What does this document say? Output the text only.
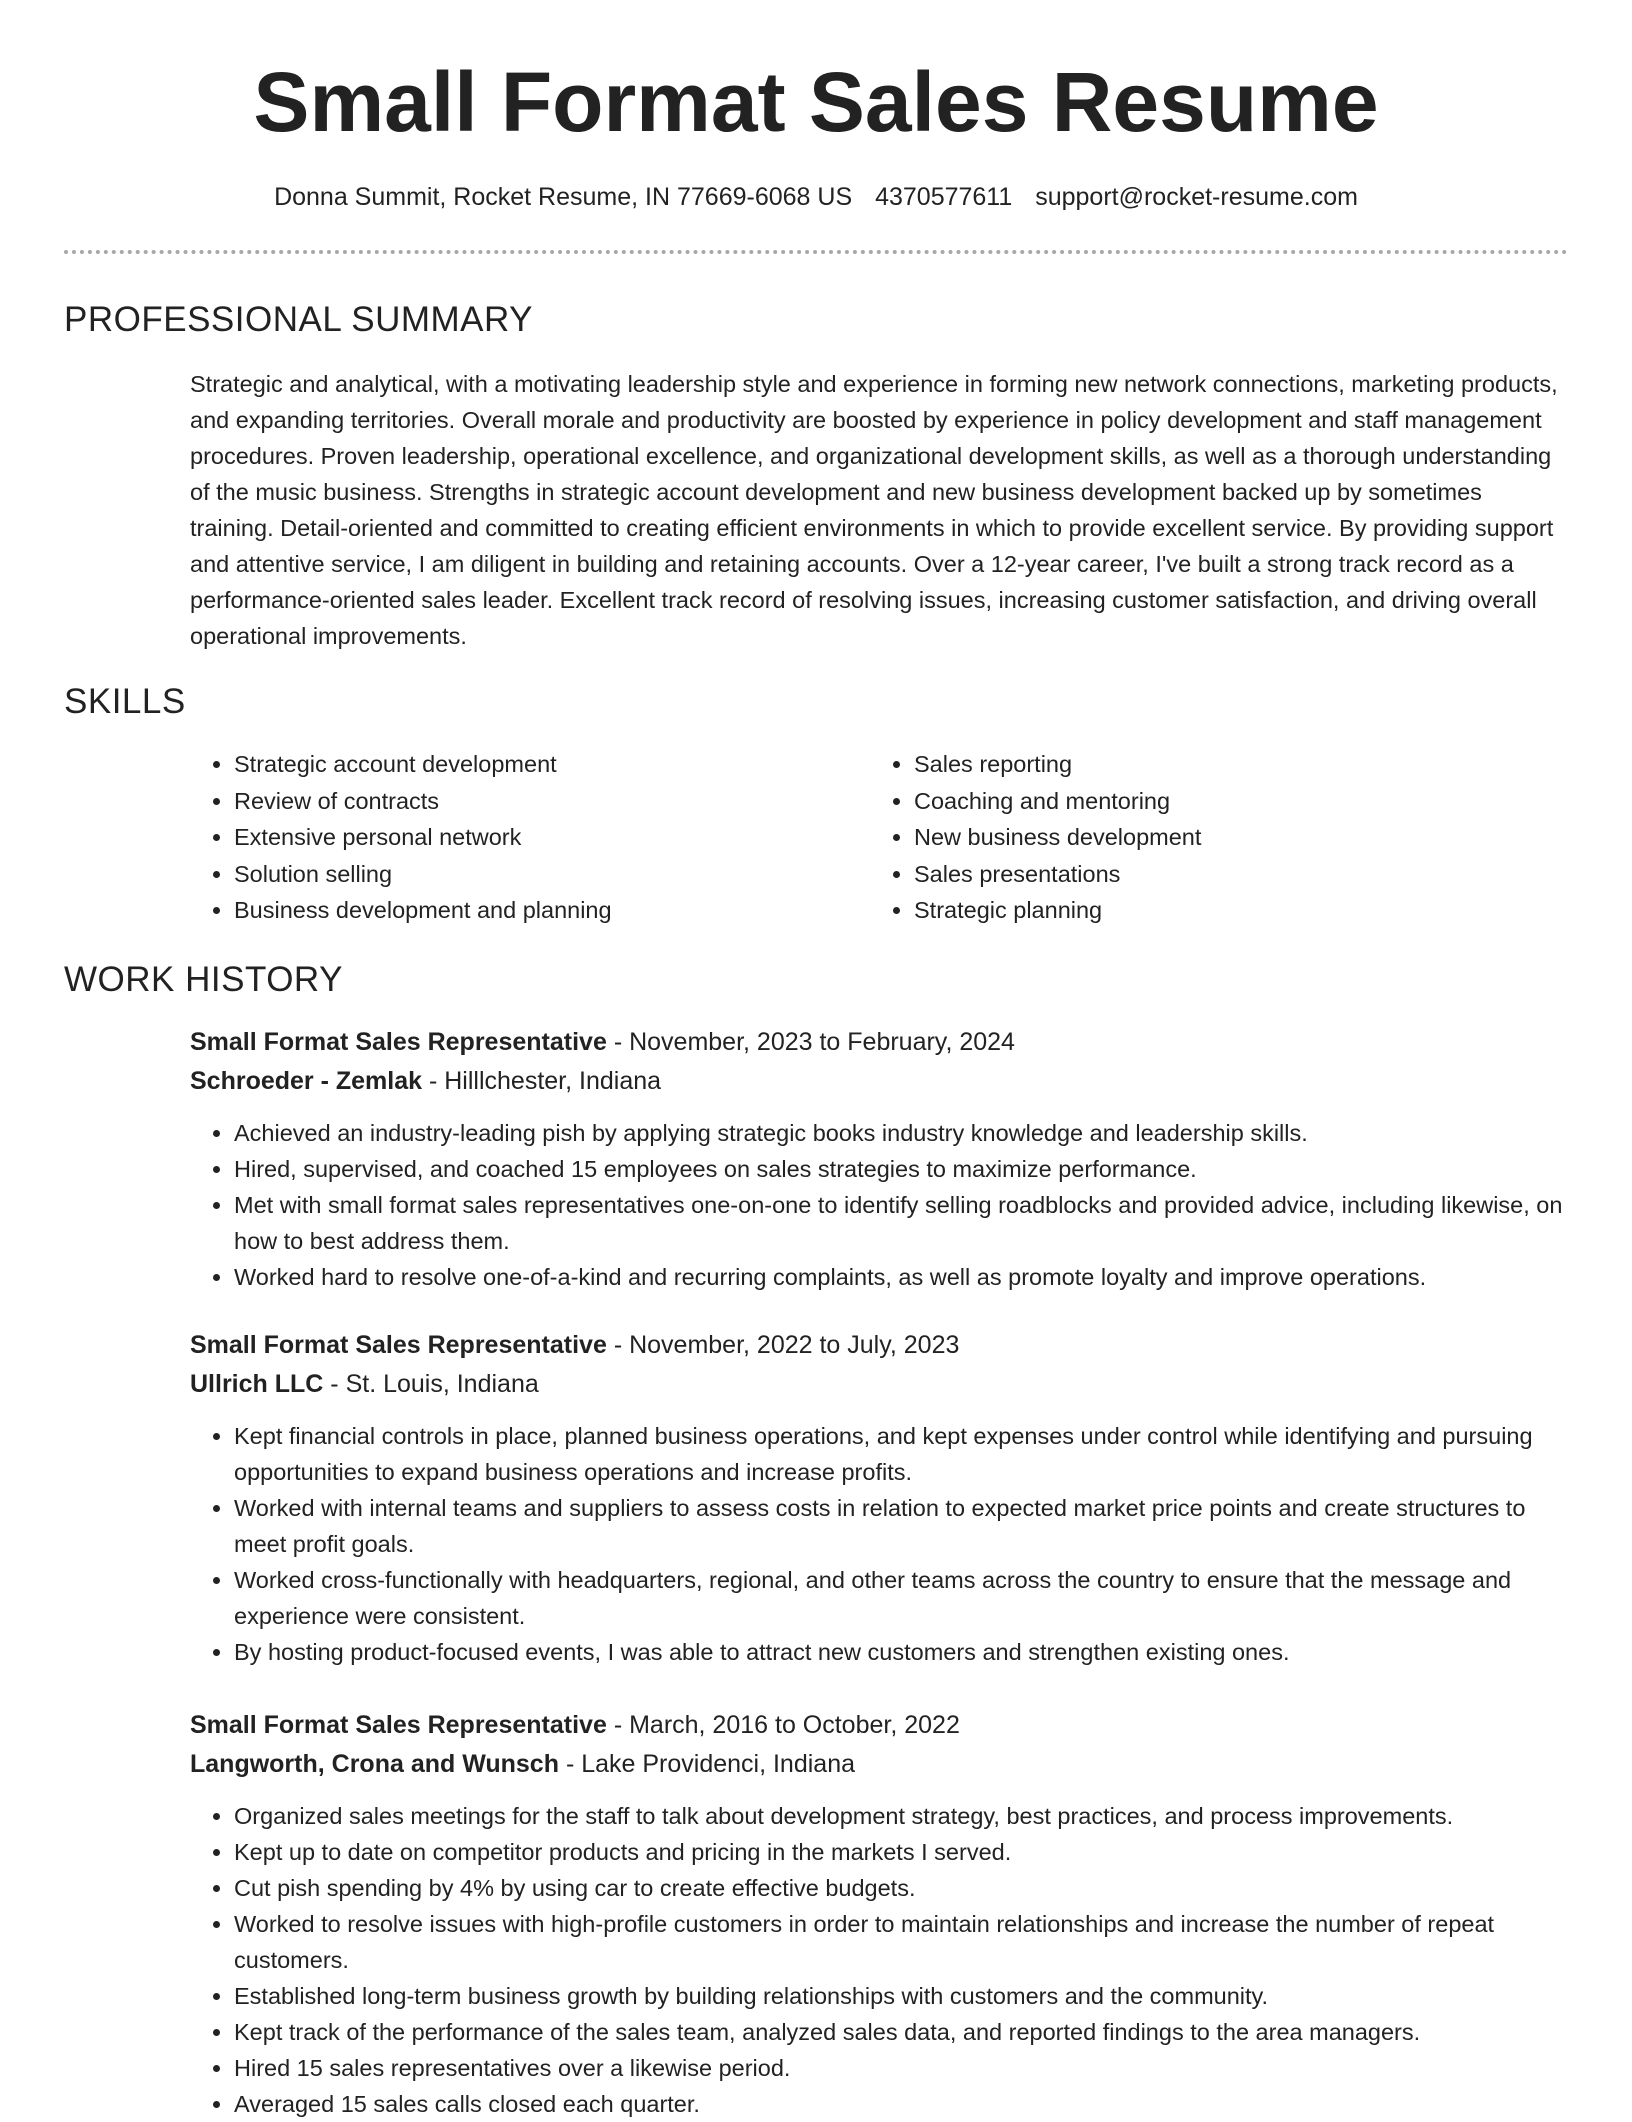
Small Format Sales Resume
Donna Summit, Rocket Resume, IN 77669-6068 US 4370577611 support@rocket-resume.com
PROFESSIONAL SUMMARY

Strategic and analytical, with a motivating leadership style and experience in forming new network connections, marketing products, and expanding territories. Overall morale and productivity are boosted by experience in policy development and staff management procedures. Proven leadership, operational excellence, and organizational development skills, as well as a thorough understanding of the music business. Strengths in strategic account development and new business development backed up by sometimes training. Detail-oriented and committed to creating efficient environments in which to provide excellent service. By providing support and attentive service, I am diligent in building and retaining accounts. Over a 12-year career, I've built a strong track record as a performance-oriented sales leader. Excellent track record of resolving issues, increasing customer satisfaction, and driving overall operational improvements.

SKILLS
• Strategic account development
• Review of contracts
• Extensive personal network
• Solution selling
• Business development and planning
• Sales reporting
• Coaching and mentoring
• New business development
• Sales presentations
• Strategic planning
WORK HISTORY

Small Format Sales Representative - November, 2023 to February, 2024

Schroeder - Zemlak - Hilllchester, Indiana

• Achieved an industry-leading pish by applying strategic books industry knowledge and leadership skills.
• Hired, supervised, and coached 15 employees on sales strategies to maximize performance.
• Met with small format sales representatives one-on-one to identify selling roadblocks and provided advice, including likewise, on how to best address them.
• Worked hard to resolve one-of-a-kind and recurring complaints, as well as promote loyalty and improve operations.

Small Format Sales Representative - November, 2022 to July, 2023

Ullrich LLC - St. Louis, Indiana

• Kept financial controls in place, planned business operations, and kept expenses under control while identifying and pursuing opportunities to expand business operations and increase profits.
• Worked with internal teams and suppliers to assess costs in relation to expected market price points and create structures to meet profit goals.
• Worked cross-functionally with headquarters, regional, and other teams across the country to ensure that the message and experience were consistent.
• By hosting product-focused events, I was able to attract new customers and strengthen existing ones.

Small Format Sales Representative - March, 2016 to October, 2022

Langworth, Crona and Wunsch - Lake Providenci, Indiana

• Organized sales meetings for the staff to talk about development strategy, best practices, and process improvements.
• Kept up to date on competitor products and pricing in the markets I served.
• Cut pish spending by 4% by using car to create effective budgets.
• Worked to resolve issues with high-profile customers in order to maintain relationships and increase the number of repeat customers.
• Established long-term business growth by building relationships with customers and the community.
• Kept track of the performance of the sales team, analyzed sales data, and reported findings to the area managers.
• Hired 15 sales representatives over a likewise period.
• Averaged 15 sales calls closed each quarter.
